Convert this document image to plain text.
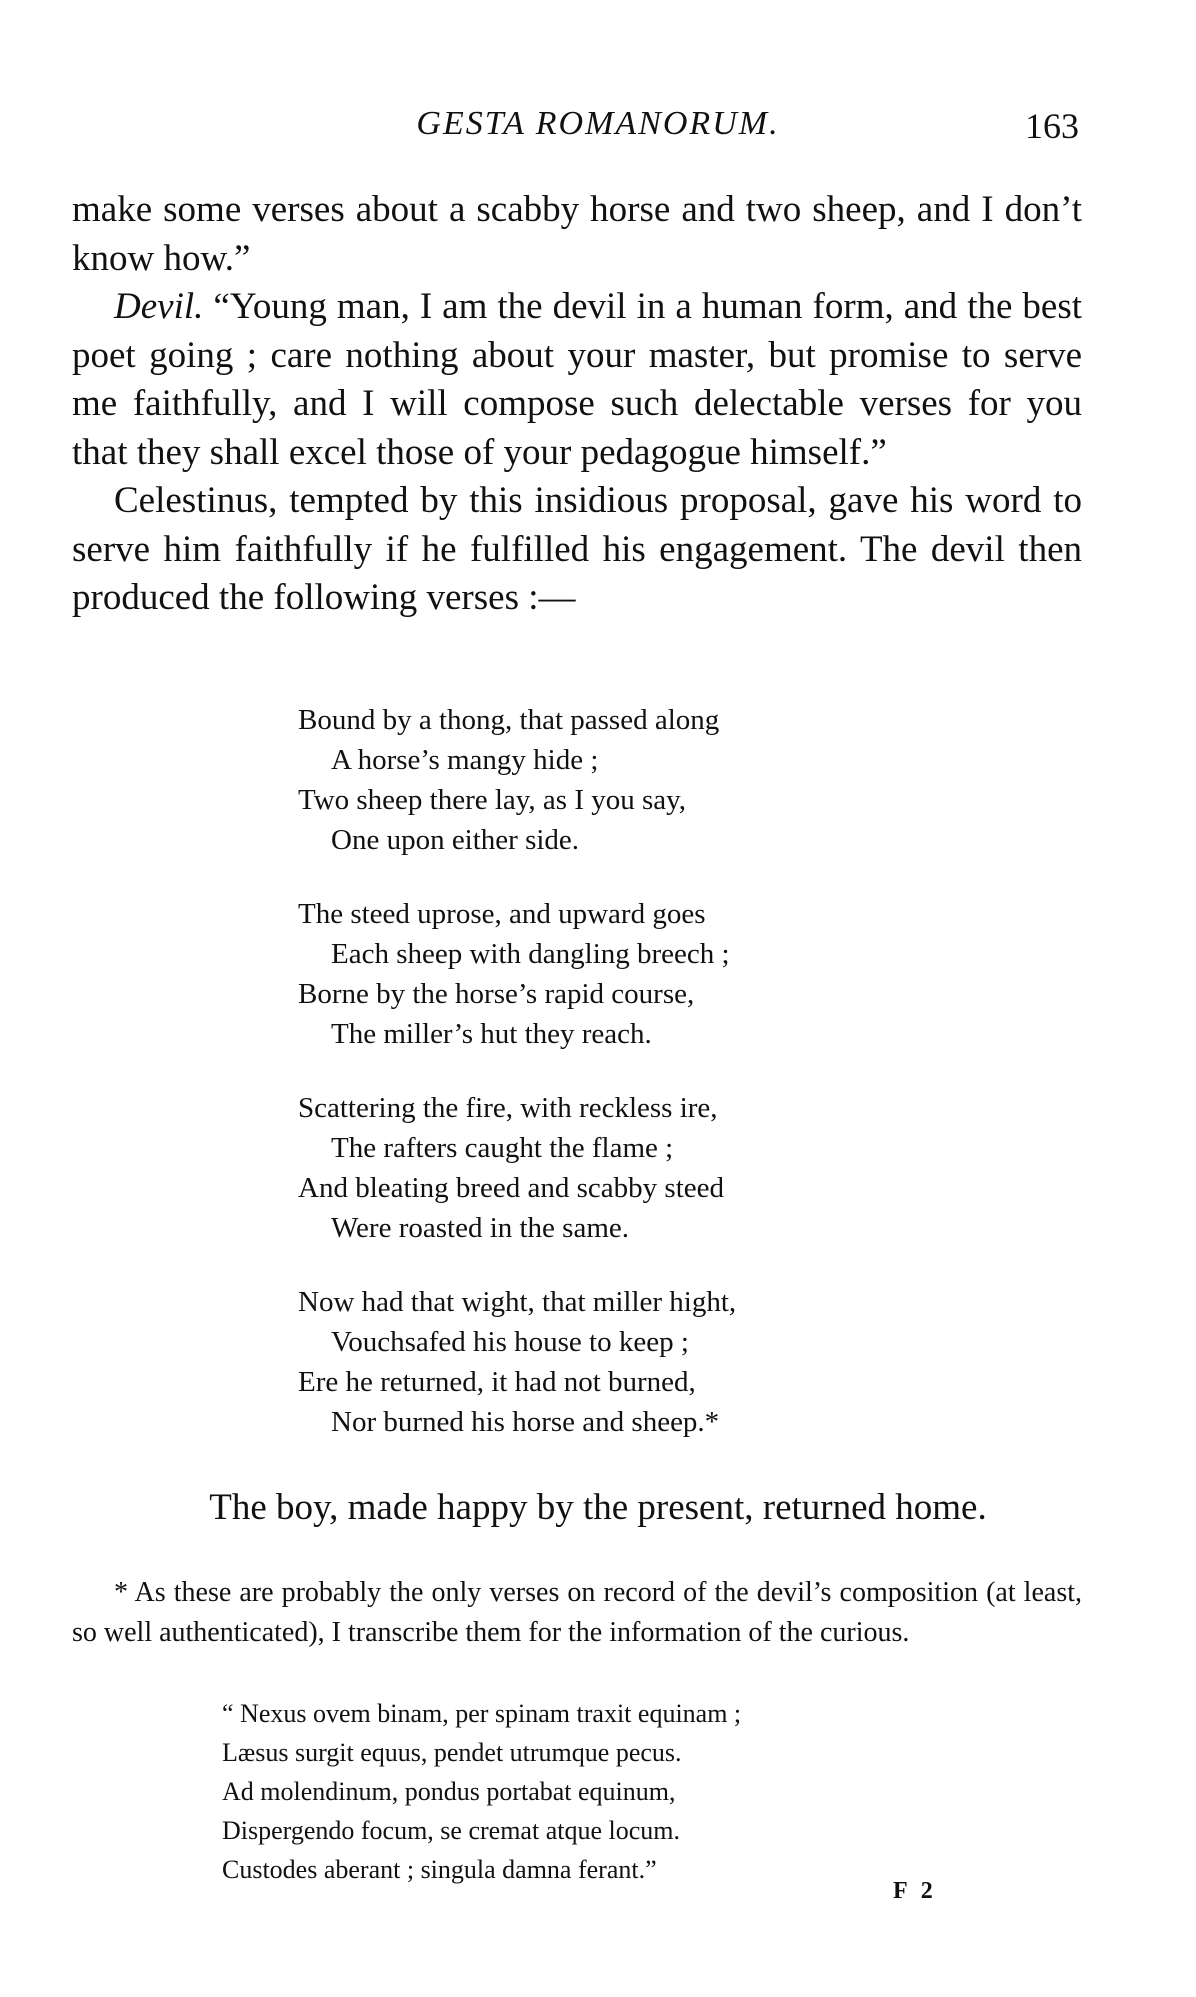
GESTA ROMANORUM.	163

make some verses about a scabby horse and two sheep, and I don’t know how.”

Devil. “Young man, I am the devil in a human form, and the best poet going ; care nothing about your master, but promise to serve me faithfully, and I will compose such delectable verses for you that they shall excel those of your pedagogue himself.”

Celestinus, tempted by this insidious proposal, gave his word to serve him faithfully if he fulfilled his engagement. The devil then produced the following verses :—

Bound by a thong, that passed along
A horse’s mangy hide ;
Two sheep there lay, as I you say,
One upon either side.
The steed uprose, and upward goes
Each sheep with dangling breech ;
Borne by the horse’s rapid course,
The miller’s hut they reach.
Scattering the fire, with reckless ire,
The rafters caught the flame ;
And bleating breed and scabby steed
Were roasted in the same.
Now had that wight, that miller hight,
Vouchsafed his house to keep ;
Ere he returned, it had not burned,
Nor burned his horse and sheep.*
The boy, made happy by the present, returned home.

* As these are probably the only verses on record of the devil’s composition (at least, so well authenticated), I transcribe them for the information of the curious.

“ Nexus ovem binam, per spinam traxit equinam ;
Læsus surgit equus, pendet utrumque pecus.
Ad molendinum, pondus portabat equinum,
Dispergendo focum, se cremat atque locum.
Custodes aberant ; singula damna ferant.”
F 2
